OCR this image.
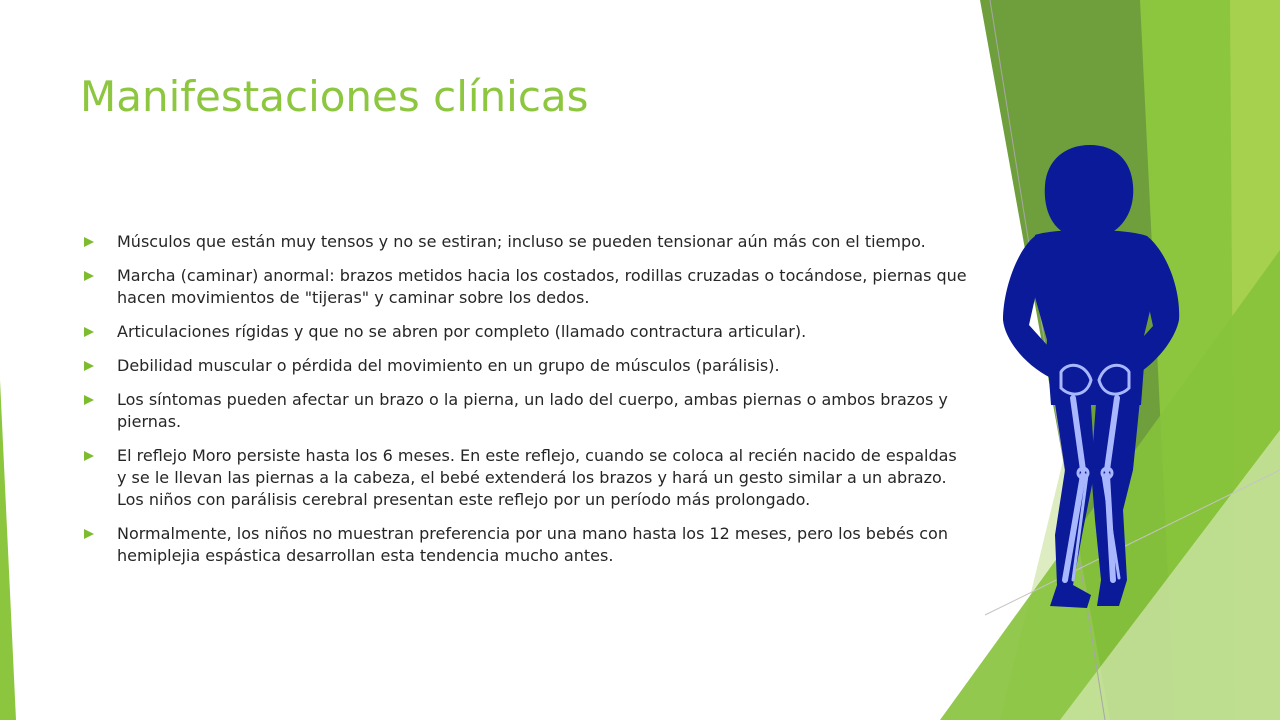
Manifestaciones clínicas
Músculos que están muy tensos y no se estiran; incluso se pueden tensionar aún más con el tiempo.
Marcha (caminar) anormal: brazos metidos hacia los costados, rodillas cruzadas o tocándose, piernas que hacen movimientos de "tijeras" y caminar sobre los dedos.
Articulaciones rígidas y que no se abren por completo (llamado contractura articular).
Debilidad muscular o pérdida del movimiento en un grupo de músculos (parálisis).
Los síntomas pueden afectar un brazo o la pierna, un lado del cuerpo, ambas piernas o ambos brazos y piernas.
El reflejo Moro persiste hasta los 6 meses. En este reflejo, cuando se coloca al recién nacido de espaldas y se le llevan las piernas a la cabeza, el bebé extenderá los brazos y hará un gesto similar a un abrazo. Los niños con parálisis cerebral presentan este reflejo por un período más prolongado.
Normalmente, los niños no muestran preferencia por una mano hasta los 12 meses, pero los bebés con hemiplejia espástica desarrollan esta tendencia mucho antes.
